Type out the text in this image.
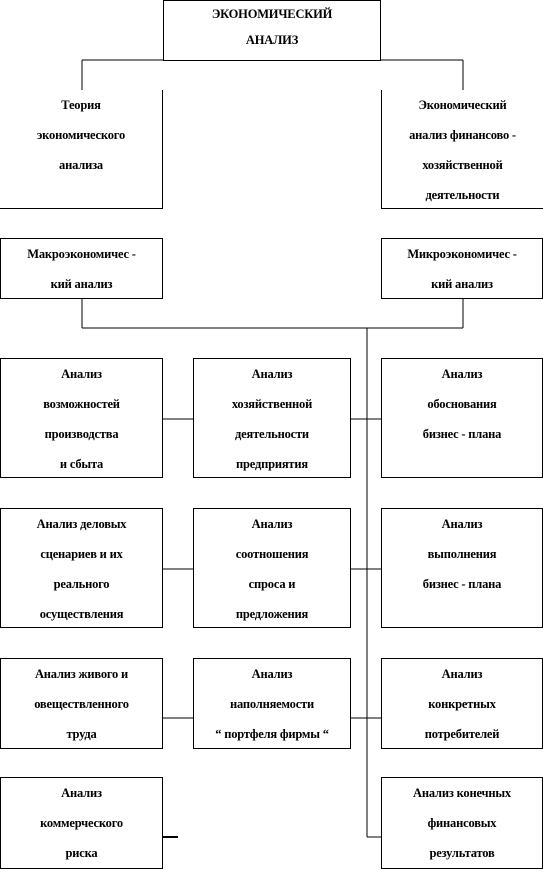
ЭКОНОМИЧЕСКИЙ
АНАЛИЗ
Теория
экономического
анализа
Экономический
анализ финансово -
хозяйственной
деятельности
Макроэкономичес -
кий анализ
Микроэкономичес -
кий анализ
Анализ
возможностей
производства
и сбыта
Анализ
хозяйственной
деятельности
предприятия
Анализ
обоснования
бизнес - плана
Анализ деловых
сценариев и их
реального
осуществления
Анализ
соотношения
спроса и
предложения
Анализ
выполнения
бизнес - плана
Анализ живого и
овеществленного
труда
Анализ
наполняемости
“ портфеля фирмы “
Анализ
конкретных
потребителей
Анализ
коммерческого
риска
Анализ конечных
финансовых
результатов
